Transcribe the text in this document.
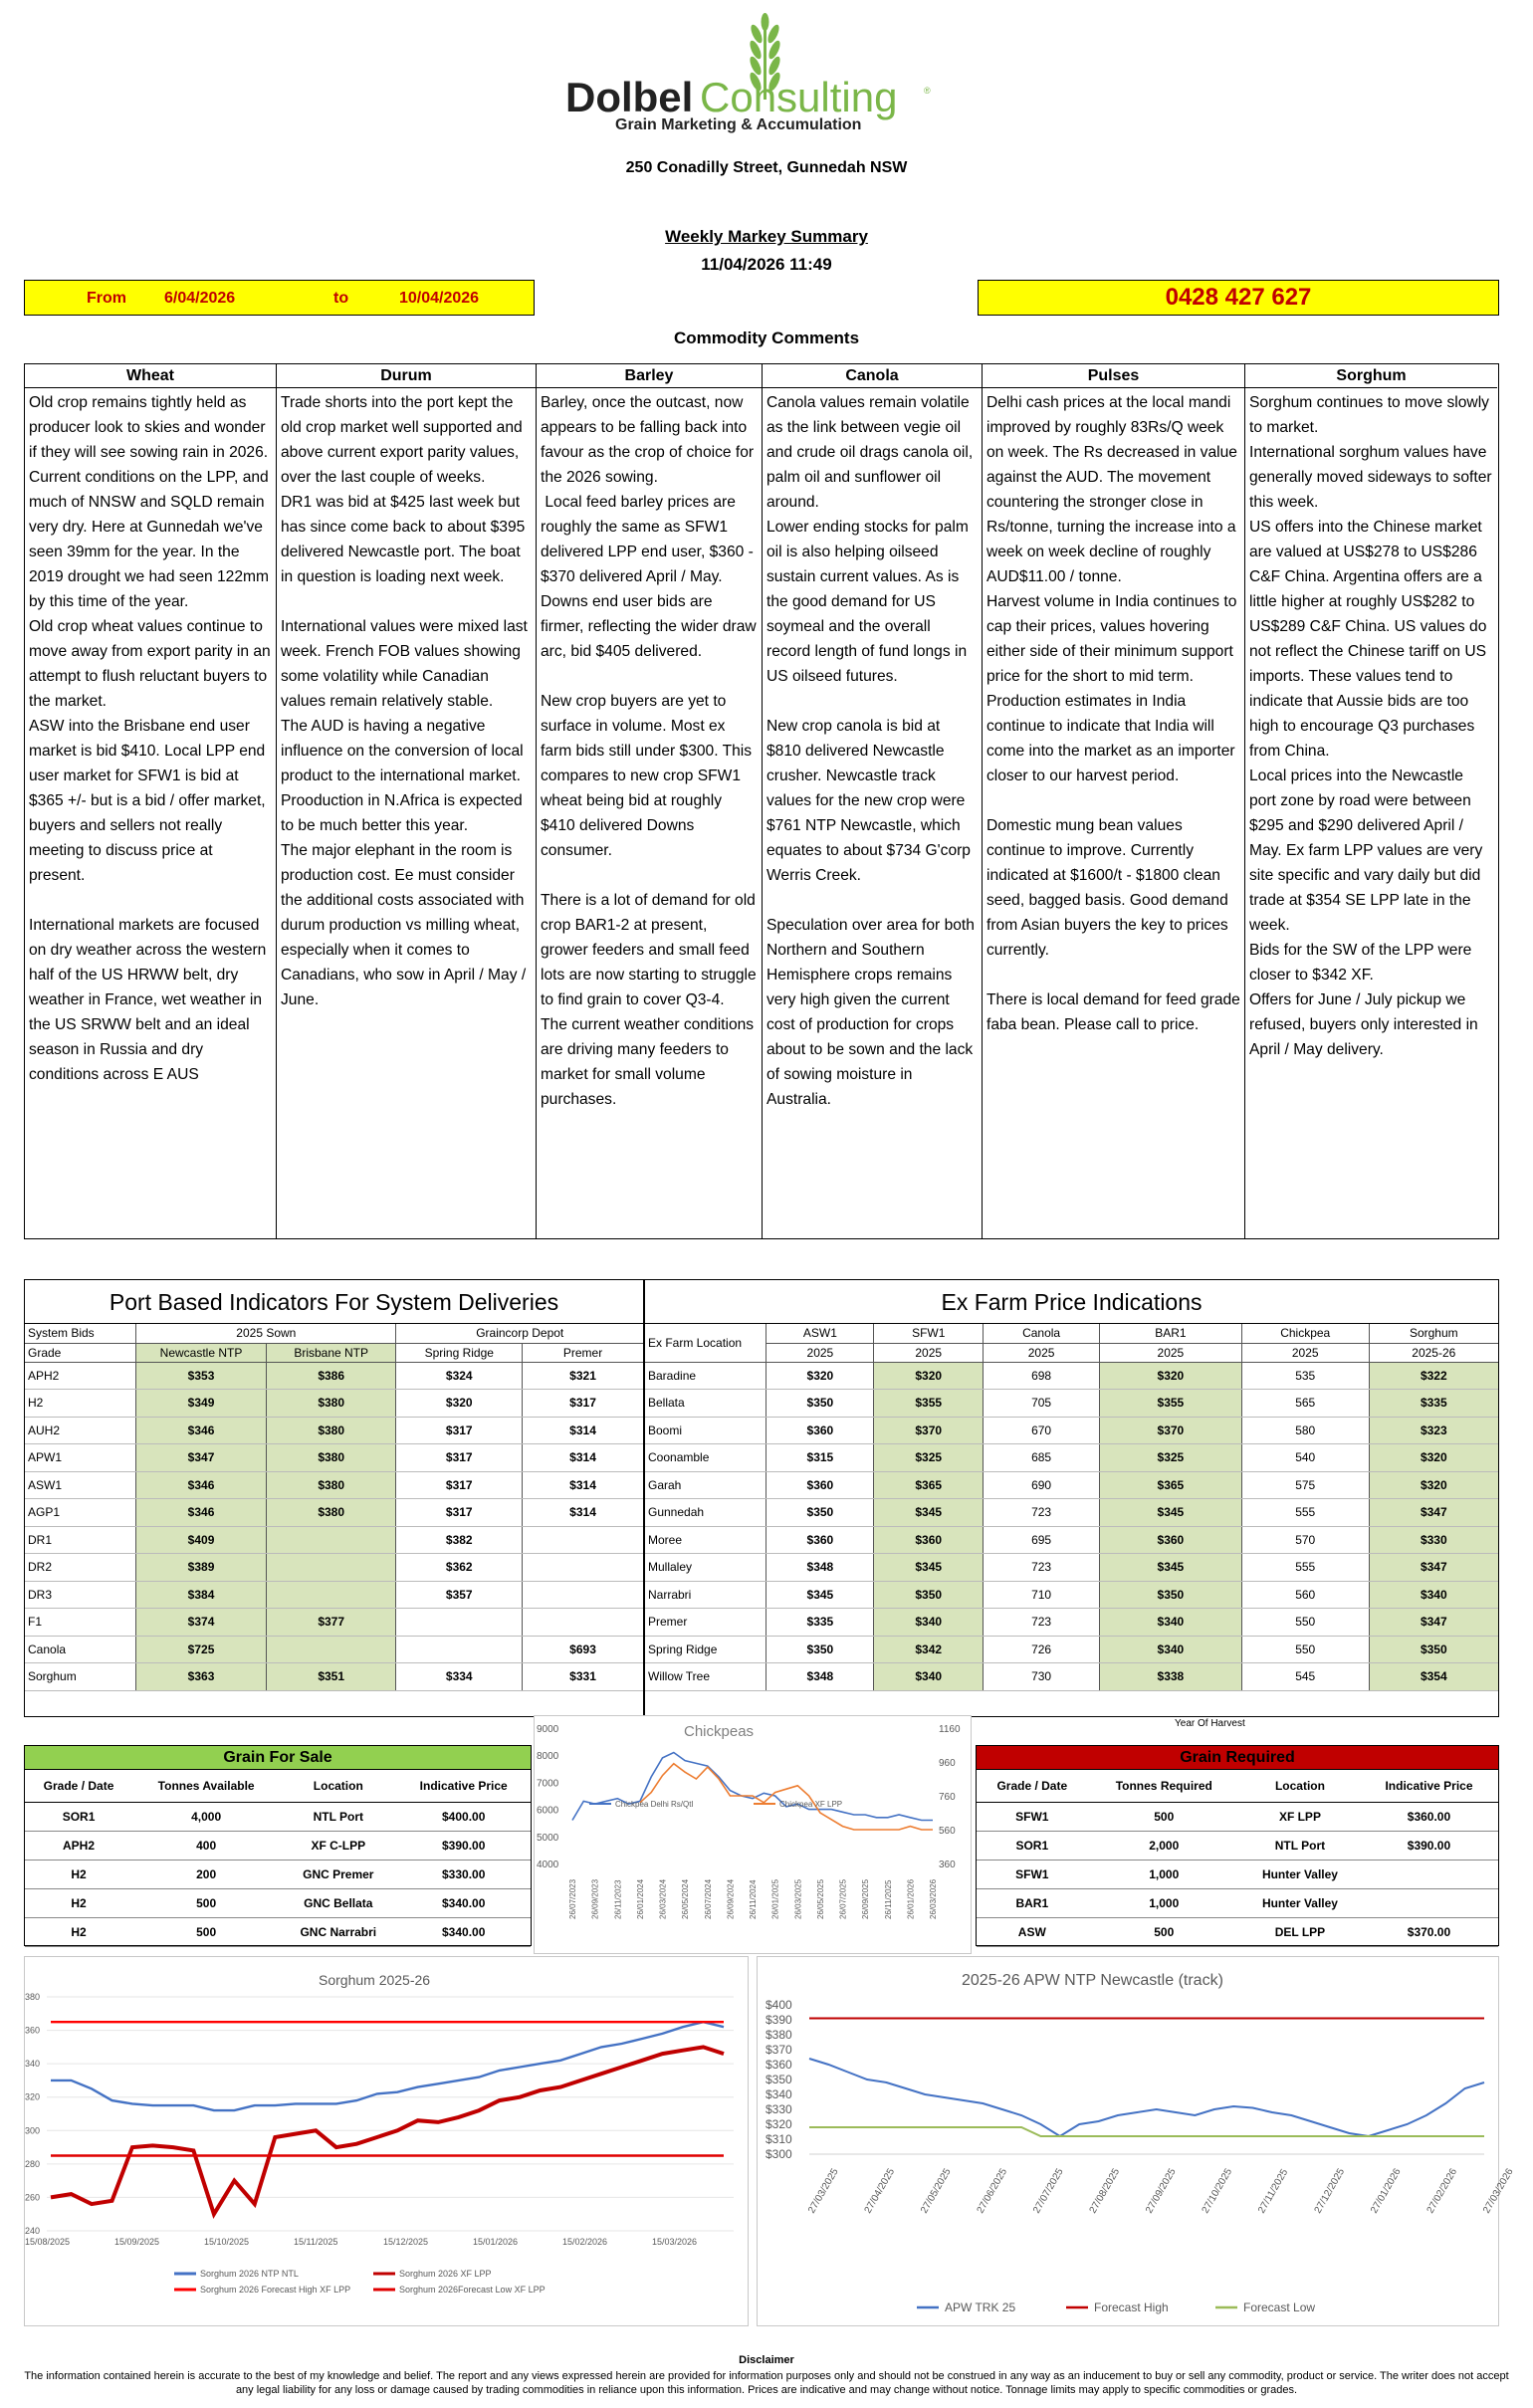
Dolbel Consulting	®
Grain Marketing & Accumulation
250 Conadilly Street, Gunnedah NSW
Weekly Markey Summary
11/04/2026 11:49
From 6/04/2026	to	10/04/2026	0428 427 627
Commodity Comments
Wheat
Old crop remains tightly held as producer look to skies and wonder if they will see sowing rain in 2026. Current conditions on the LPP, and much of NNSW and SQLD remain very dry. Here at Gunnedah we've seen 39mm for the year. In the 2019 drought we had seen 122mm by this time of the year.
Old crop wheat values continue to move away from export parity in an attempt to flush reluctant buyers to the market.
ASW into the Brisbane end user market is bid $410. Local LPP end user market for SFW1 is bid at $365 +/- but is a bid / offer market, buyers and sellers not really meeting to discuss price at present.

International markets are focused on dry weather across the western half of the US HRWW belt, dry weather in France, wet weather in the US SRWW belt and an ideal season in Russia and dry conditions across E AUS
Durum
Trade shorts into the port kept the old crop market well supported and above current export parity values, over the last couple of weeks.
DR1 was bid at $425 last week but has since come back to about $395 delivered Newcastle port. The boat in question is loading next week.

International values were mixed last week. French FOB values showing some volatility while Canadian values remain relatively stable.
The AUD is having a negative influence on the conversion of local product to the international market.
Prooduction in N.Africa is expected to be much better this year.
The major elephant in the room is production cost. Ee must consider the additional costs associated with durum production vs milling wheat, especially when it comes to Canadians, who sow in April / May / June.
Barley
Barley, once the outcast, now appears to be falling back into favour as the crop of choice for the 2026 sowing.
Local feed barley prices are roughly the same as SFW1 delivered LPP end user, $360 - $370 delivered April / May. Downs end user bids are firmer, reflecting the wider draw arc, bid $405 delivered.

New crop buyers are yet to surface in volume. Most ex farm bids still under $300. This compares to new crop SFW1 wheat being bid at roughly $410 delivered Downs consumer.

There is a lot of demand for old crop BAR1-2 at present, grower feeders and small feed lots are now starting to struggle to find grain to cover Q3-4.
The current weather conditions are driving many feeders to market for small volume purchases.
Canola
Canola values remain volatile as the link between vegie oil and crude oil drags canola oil, palm oil and sunflower oil around.
Lower ending stocks for palm oil is also helping oilseed sustain current values. As is the good demand for US soymeal and the overall record length of fund longs in US oilseed futures.

New crop canola is bid at $810 delivered Newcastle crusher. Newcastle track values for the new crop were $761 NTP Newcastle, which equates to about $734 G'corp Werris Creek.

Speculation over area for both Northern and Southern Hemisphere crops remains very high given the current cost of production for crops about to be sown and the lack of sowing moisture in Australia.
Pulses
Delhi cash prices at the local mandi improved by roughly 83Rs/Q week on week. The Rs decreased in value against the AUD. The movement countering the stronger close in Rs/tonne, turning the increase into a week on week decline of roughly AUD$11.00 / tonne.
Harvest volume in India continues to cap their prices, values hovering either side of their minimum support price for the short to mid term.
Production estimates in India continue to indicate that India will come into the market as an importer closer to our harvest period.

Domestic mung bean values continue to improve. Currently indicated at $1600/t - $1800 clean seed, bagged basis. Good demand from Asian buyers the key to prices currently.

There is local demand for feed grade faba bean. Please call to price.
Sorghum
Sorghum continues to move slowly to market.
International sorghum values have generally moved sideways to softer  this week.
US offers into the Chinese market are valued at US$278 to US$286 C&F China. Argentina offers are a little higher at roughly US$282 to US$289 C&F China. US values do not reflect the Chinese tariff on US imports. These values tend to indicate that Aussie bids are too high to encourage Q3 purchases from China.
Local prices into the Newcastle port zone by road were between $295 and $290 delivered April / May. Ex farm LPP values are very site specific and vary daily but did trade at $354 SE LPP late in the week.
Bids for the SW of the LPP were closer to $342 XF.
Offers for June / July pickup we refused, buyers only interested in April / May delivery.
Port Based Indicators For System Deliveries
System Bids	2025 Sown		Graincorp Depot	
Grade	Newcastle NTP	Brisbane NTP	Spring Ridge	Premer
APH2	$353	$386	$324	$321
H2	$349	$380	$320	$317
AUH2	$346	$380	$317	$314
APW1	$347	$380	$317	$314
ASW1	$346	$380	$317	$314
AGP1	$346	$380	$317	$314
DR1	$409		$382	
DR2	$389		$362	
DR3	$384		$357	
F1	$374	$377		
Canola	$725			$693
Sorghum	$363	$351	$334	$331
Ex Farm Price Indications
Ex Farm Location	ASW1	SFW1	Canola	BAR1	Chickpea	Sorghum
	2025	2025	2025	2025	2025	2025-26
Baradine	$320	$320	698	$320	535	$322
Bellata	$350	$355	705	$355	565	$335
Boomi	$360	$370	670	$370	580	$323
Coonamble	$315	$325	685	$325	540	$320
Garah	$360	$365	690	$365	575	$320
Gunnedah	$350	$345	723	$345	555	$347
Moree	$360	$360	695	$360	570	$330
Mullaley	$348	$345	723	$345	555	$347
Narrabri	$345	$350	710	$350	560	$340
Premer	$335	$340	723	$340	550	$347
Spring Ridge	$350	$342	726	$340	550	$350
Willow Tree	$348	$340	730	$338	545	$354
Year Of Harvest
Grain For Sale
Grade / Date	Tonnes Available	Location	Indicative Price
SOR1	4,000	NTL Port	$400.00
APH2	400	XF C-LPP	$390.00
H2	200	GNC Premer	$330.00
H2	500	GNC Bellata	$340.00
H2	500	GNC Narrabri	$340.00
Chickpeas
4000
5000
6000
7000
8000
9000
360
560
760
960
1160
26/07/2023 26/09/2023 26/11/2023 26/01/2024 26/03/2024 26/05/2024 26/07/2024 26/09/2024 26/11/2024 26/01/2025 26/03/2025 26/05/2025 26/07/2025 26/09/2025 26/11/2025 26/01/2026 26/03/2026
Chickpea Delhi Rs/Qtl	Chickpea XF LPP
Grain Required
Grade / Date	Tonnes Required	Location	Indicative Price
SFW1	500	XF LPP	$360.00
SOR1	2,000	NTL Port	$390.00
SFW1	1,000	Hunter Valley	
BAR1	1,000	Hunter Valley	
ASW	500	DEL LPP	$370.00
Sorghum 2025-26
240
260
280
300
320
340
360
380
15/08/2025	15/09/2025	15/10/2025	15/11/2025	15/12/2025	15/01/2026	15/02/2026	15/03/2026
Sorghum 2026 NTP NTL	Sorghum 2026 XF LPP
Sorghum 2026 Forecast High XF LPP	Sorghum 2026Forecast Low XF LPP
2025-26 APW NTP Newcastle (track)
$300
$310
$320
$330
$340
$350
$360
$370
$380
$390
$400
27/03/2025 27/04/2025 27/05/2025 27/06/2025 27/07/2025 27/08/2025 27/09/2025 27/10/2025 27/11/2025 27/12/2025 27/01/2026 27/02/2026 27/03/2026
APW TRK 25	Forecast High	Forecast Low
Disclaimer
The information contained herein is accurate to the best of my knowledge and belief. The report and any views expressed herein are provided for information purposes only and should not be construed in any way as an inducement to buy or sell any commodity, product or service. The writer does not accept any legal liability for any loss or damage caused by trading commodities in reliance upon this information. Prices are indicative and may change without notice. Tonnage limits may apply to specific commodities or grades.
